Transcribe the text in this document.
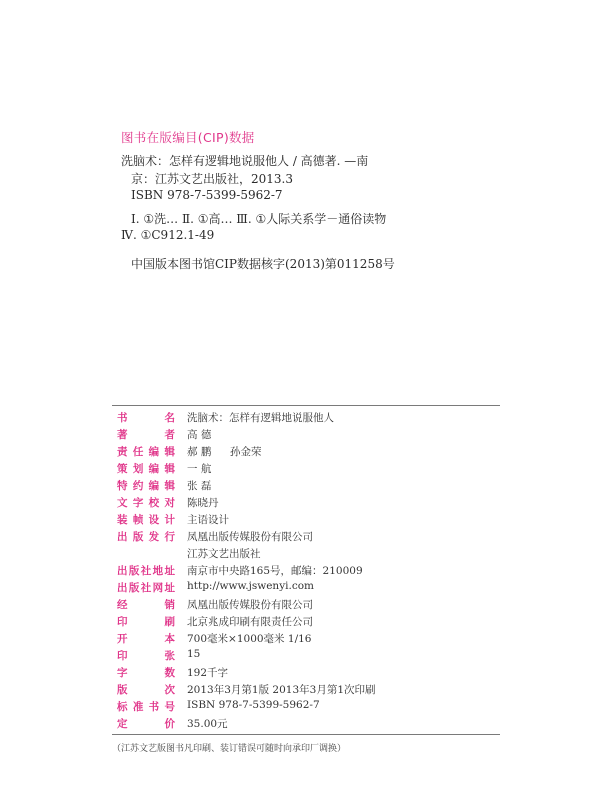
图书在版编目(CIP)数据
洗脑术：怎样有逻辑地说服他人 / 高德著. —南
京：江苏文艺出版社，2013.3
ISBN 978-7-5399-5962-7
Ⅰ. ①洗… Ⅱ. ①高… Ⅲ. ①人际关系学－通俗读物
Ⅳ. ①C912.1-49
中国版本图书馆CIP数据核字(2013)第011258号
书名 洗脑术：怎样有逻辑地说服他人
著者 高 德
责任编辑 郝 鹏 孙金荣
策划编辑 一 航
特约编辑 张 磊
文字校对 陈晓丹
装帧设计 主语设计
出版发行 凤凰出版传媒股份有限公司
江苏文艺出版社
出版社地址 南京市中央路165号，邮编：210009
出版社网址 http://www.jswenyi.com
经销 凤凰出版传媒股份有限公司
印刷 北京兆成印刷有限责任公司
开本 700毫米×1000毫米 1/16
印张 15
字数 192千字
版次 2013年3月第1版 2013年3月第1次印刷
标准书号 ISBN 978-7-5399-5962-7
定价 35.00元
（江苏文艺版图书凡印刷、装订错误可随时向承印厂调换）
